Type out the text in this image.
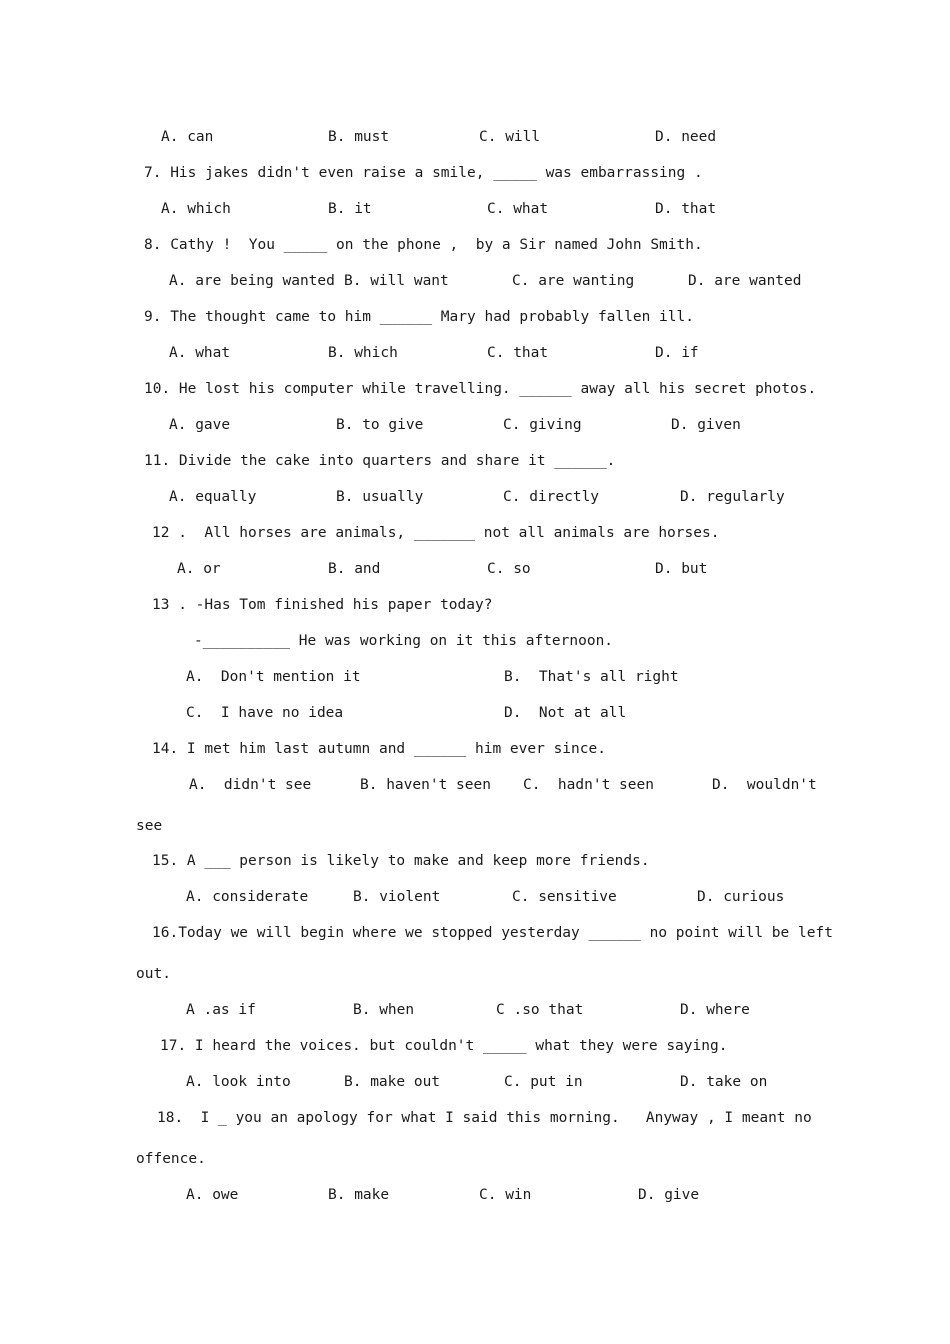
A. can	B. must	C. will	D. need
7. His jakes didn't even raise a smile, _____ was embarrassing .
A. which	B. it	C. what	D. that
8. Cathy !  You _____ on the phone ,  by a Sir named John Smith.
A. are being wanted B. will want	C. are wanting	D. are wanted
9. The thought came to him ______ Mary had probably fallen ill.
A. what	B. which	C. that	D. if
10. He lost his computer while travelling. ______ away all his secret photos.
A. gave	B. to give	C. giving	D. given
11. Divide the cake into quarters and share it ______.
A. equally	B. usually	C. directly	D. regularly
12 .  All horses are animals, _______ not all animals are horses.
A. or	B. and	C. so	D. but
13 . -Has Tom finished his paper today?
-__________ He was working on it this afternoon.
A.  Don't mention it	B.  That's all right
C.  I have no idea	D.  Not at all
14. I met him last autumn and ______ him ever since.
A.  didn't see	B. haven't seen C.  hadn't seen	D.  wouldn't
see
15. A ___ person is likely to make and keep more friends.
A. considerate	B. violent	C. sensitive	D. curious
16.Today we will begin where we stopped yesterday ______ no point will be left
out.
A .as if	B. when	C .so that	D. where
17. I heard the voices. but couldn't _____ what they were saying.
A. look into	B. make out	C. put in	D. take on
18.  I _ you an apology for what I said this morning.   Anyway , I meant no
offence.
A. owe	B. make	C. win	D. give
